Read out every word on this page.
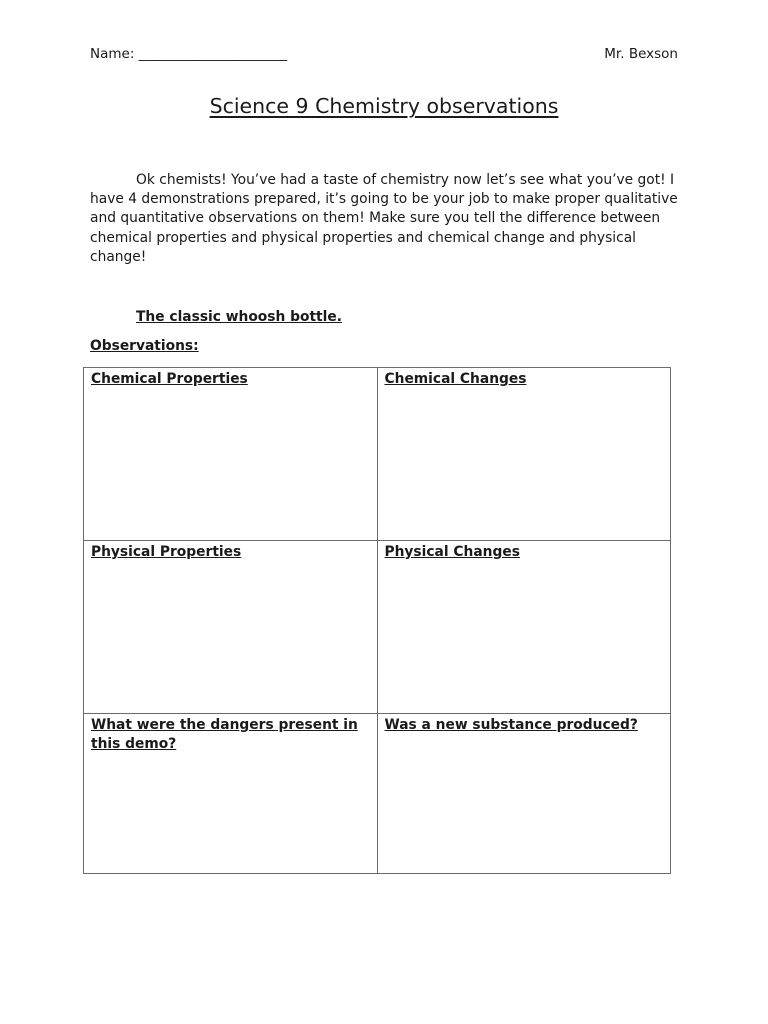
Name: ______________________	Mr. Bexson
Science 9 Chemistry observations

Ok chemists! You’ve had a taste of chemistry now let’s see what you’ve got! I have 4 demonstrations prepared, it’s going to be your job to make proper qualitative and quantitative observations on them! Make sure you tell the difference between chemical properties and physical properties and chemical change and physical change!

The classic whoosh bottle.
Observations:
Chemical Properties	Chemical Changes
Physical Properties	Physical Changes
What were the dangers present in this demo?	Was a new substance produced?
